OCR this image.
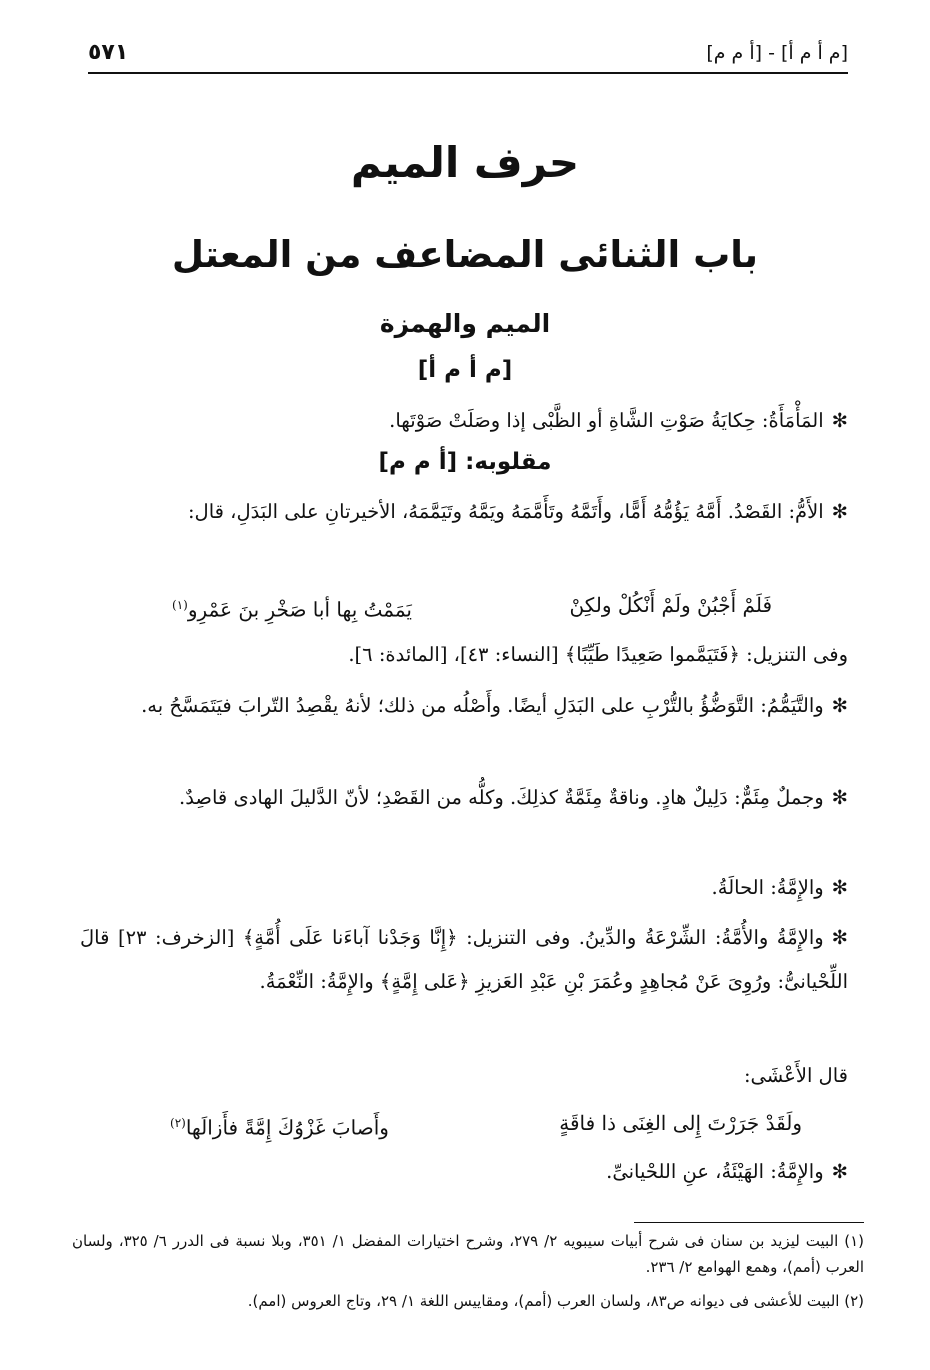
[م أ م أ] - [أ م م]
٥٧١
حرف الميم
باب الثنائى المضاعف من المعتل
الميم والهمزة
[م أ م أ]
✻المَأْمَأَةُ: حِكايَةُ صَوْتِ الشَّاةِ أو الظَّبْى إذا وصَلَتْ صَوْتَها.
مقلوبه: [أ م م]
✻الأَمُّ: القَصْدُ. أَمَّهُ يَؤُمُّهُ أَمًّا، وأَتَمَّهُ وتَأَمَّمَهُ ويَمَّهُ وتَيَمَّمَهُ، الأخيرتانِ على البَدَلِ، قال:
فَلَمْ أَجْبُنْ ولَمْ أَنْكُلْ ولكِنْ
يَمَمْتُ بِها أبا صَخْرِ بنَ عَمْرِو$^{(١)}$
وفى التنزيل: ﴿فَتَيَمَّموا صَعِيدًا طَيِّبًا﴾ [النساء: ٤٣]، [المائدة: ٦].
✻والتَّيَمُّمُ: التَّوَضُّؤُ بالتُّرْبِ على البَدَلِ أيضًا. وأَصْلُه من ذلك؛ لأنهُ يقْصِدُ التّرابَ فيَتَمَسَّحُ به.
✻وجملٌ مِئَمٌّ: دَلِيلٌ هادٍ. وناقةٌ مِئَمَّةٌ كذلِكَ. وكلُّه من القَصْدِ؛ لأنّ الدَّليلَ الهادى قاصِدٌ.
✻والإِمَّةُ: الحالَةُ.
✻والإِمَّةُ والأُمَّةُ: الشِّرْعَةُ والدِّينُ. وفى التنزيل: ﴿إِنَّا وَجَدْنا آباءَنا عَلَى أُمَّةٍ﴾ [الزخرف: ٢٣] قالَ اللِّحْيانىُّ: ورُوِىَ عَنْ مُجاهِدٍ وعُمَرَ بْنِ عَبْدِ العَزيزِ ﴿عَلى إِمَّةٍ﴾ والإِمَّةُ: النِّعْمَةُ.
قال الأَعْشَى:
ولَقَدْ جَرَرْتَ إِلى الغِنَى ذا فاقَةٍ
وأَصابَ غَزْوُكَ إِمَّةً فأَزالَها$^{(٢)}$
✻والإِمَّةُ: الهَيْئَةُ، عنِ اللحْيانىِّ.
(١) البيت ليزيد بن سنان فى شرح أبيات سيبويه ٢/ ٢٧٩، وشرح اختيارات المفضل ١/ ٣٥١، وبلا نسبة فى الدرر ٦/ ٣٢٥، ولسان العرب (أمم)، وهمع الهوامع ٢/ ٢٣٦.
(٢) البيت للأعشى فى ديوانه ص٨٣، ولسان العرب (أمم)، ومقاييس اللغة ١/ ٢٩، وتاج العروس (امم).
